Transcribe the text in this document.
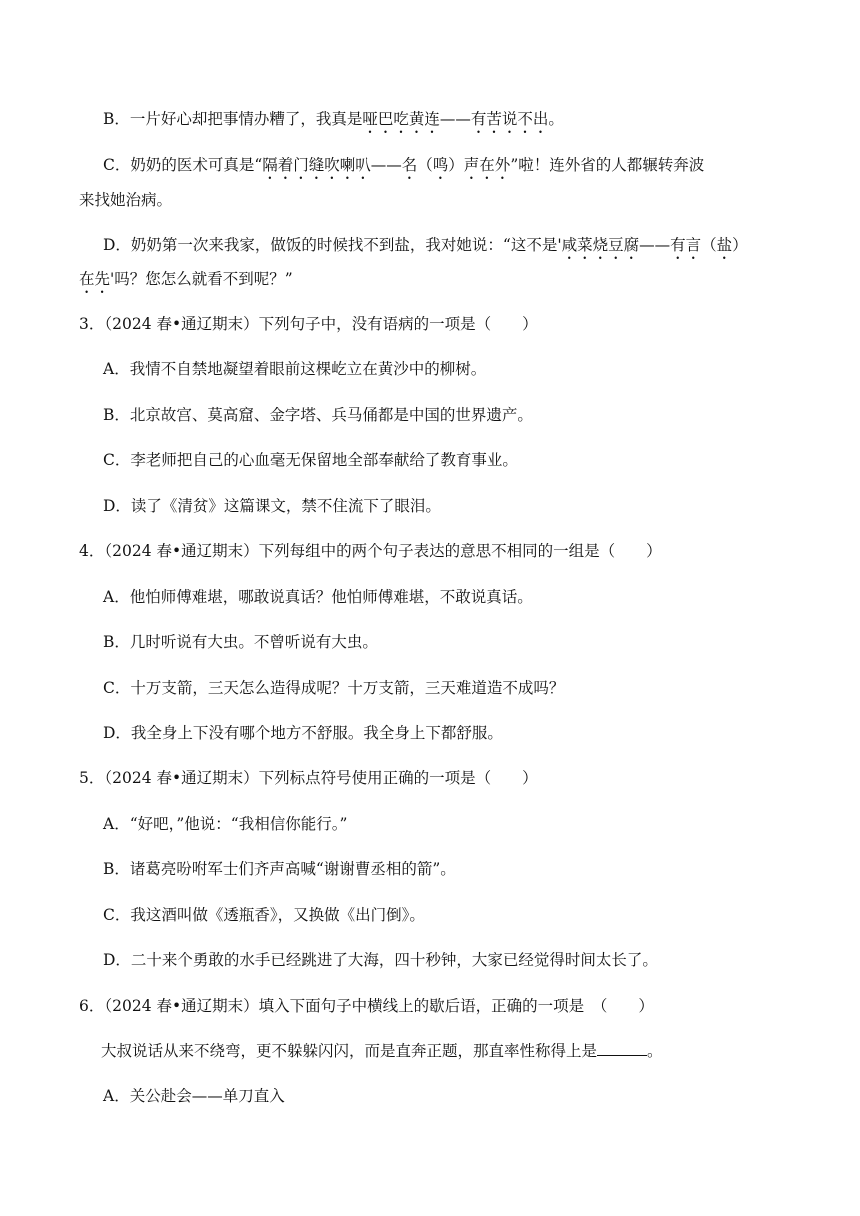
B．一片好心却把事情办糟了，我真是哑巴吃黄连——有苦说不出。
C．奶奶的医术可真是“隔着门缝吹喇叭——名（鸣）声在外”啦！连外省的人都辗转奔波
来找她治病。
D．奶奶第一次来我家，做饭的时候找不到盐，我对她说：“这不是'咸菜烧豆腐——有言（盐）
在先'吗？您怎么就看不到呢？”
3．（2024 春•通辽期末）下列句子中，没有语病的一项是（　　）
A．我情不自禁地凝望着眼前这棵屹立在黄沙中的柳树。
B．北京故宫、莫高窟、金字塔、兵马俑都是中国的世界遗产。
C．李老师把自己的心血毫无保留地全部奉献给了教育事业。
D．读了《清贫》这篇课文，禁不住流下了眼泪。
4．（2024 春•通辽期末）下列每组中的两个句子表达的意思不相同的一组是（　　）
A．他怕师傅难堪，哪敢说真话？他怕师傅难堪，不敢说真话。
B．几时听说有大虫。不曾听说有大虫。
C．十万支箭，三天怎么造得成呢？十万支箭，三天难道造不成吗？
D．我全身上下没有哪个地方不舒服。我全身上下都舒服。
5．（2024 春•通辽期末）下列标点符号使用正确的一项是（　　）
A．“好吧，”他说：“我相信你能行。”
B．诸葛亮吩咐军士们齐声高喊“谢谢曹丞相的箭”。
C．我这酒叫做《透瓶香》，又换做《出门倒》。
D．二十来个勇敢的水手已经跳进了大海，四十秒钟，大家已经觉得时间太长了。
6．（2024 春•通辽期末）填入下面句子中横线上的歇后语，正确的一项是　（　　）
大叔说话从来不绕弯，更不躲躲闪闪，而是直奔正题，那直率性称得上是	。
A．关公赴会——单刀直入
